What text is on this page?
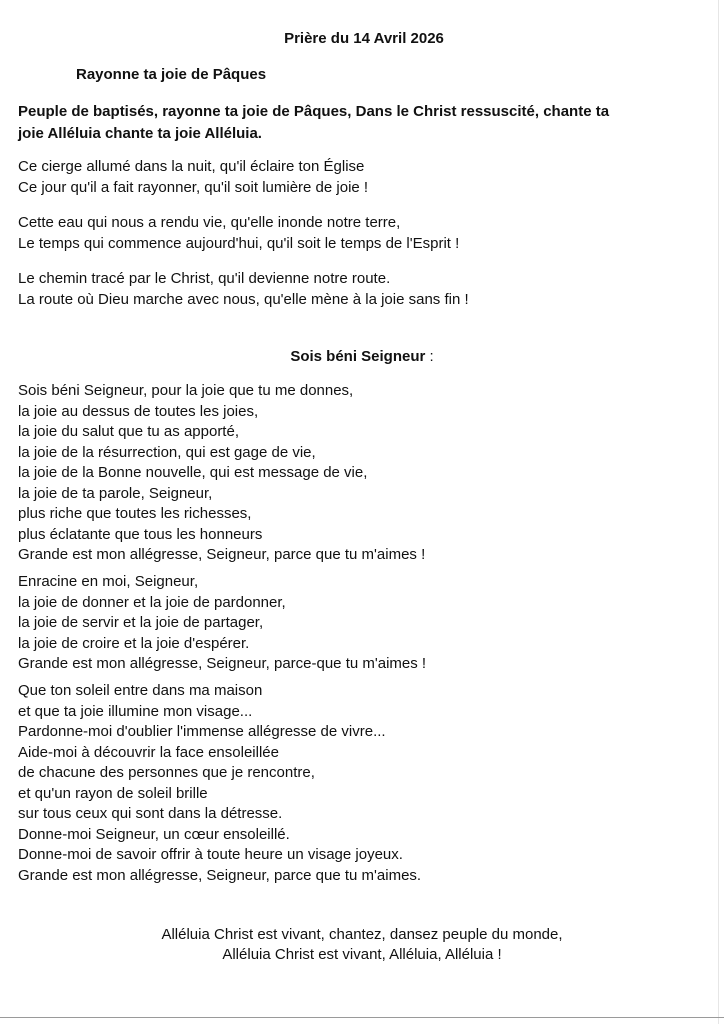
Prière du 14 Avril 2026
Rayonne ta joie de Pâques
Peuple de baptisés, rayonne ta joie de Pâques, Dans le Christ ressuscité, chante ta
joie Alléluia chante ta joie Alléluia.
Ce cierge allumé dans la nuit, qu'il éclaire ton Église
Ce jour qu'il a fait rayonner, qu'il soit lumière de joie !
Cette eau qui nous a rendu vie, qu'elle inonde notre terre,
Le temps qui commence aujourd'hui, qu'il soit le temps de l'Esprit !
Le chemin tracé par le Christ, qu'il devienne notre route.
La route où Dieu marche avec nous, qu'elle mène à la joie sans fin !
Sois béni Seigneur :
Sois béni Seigneur, pour la joie que tu me donnes,
la joie au dessus de toutes les joies,
la joie du salut que tu as apporté,
la joie de la résurrection, qui est gage de vie,
la joie de la Bonne nouvelle, qui est message de vie,
la joie de ta parole, Seigneur,
plus riche que toutes les richesses,
plus éclatante que tous les honneurs
Grande est mon allégresse, Seigneur, parce que tu m'aimes !
Enracine en moi, Seigneur,
la joie de donner et la joie de pardonner,
la joie de servir et la joie de partager,
la joie de croire et la joie d'espérer.
Grande est mon allégresse, Seigneur, parce-que tu m'aimes !
Que ton soleil entre dans ma maison
et que ta joie illumine mon visage...
Pardonne-moi d'oublier l'immense allégresse de vivre...
Aide-moi à découvrir la face ensoleillée
de chacune des personnes que je rencontre,
et qu'un rayon de soleil brille
sur tous ceux qui sont dans la détresse.
Donne-moi Seigneur, un cœur ensoleillé.
Donne-moi de savoir offrir à toute heure un visage joyeux.
Grande est mon allégresse, Seigneur, parce que tu m'aimes.
Alléluia Christ est vivant, chantez, dansez peuple du monde,
Alléluia Christ est vivant, Alléluia, Alléluia !
